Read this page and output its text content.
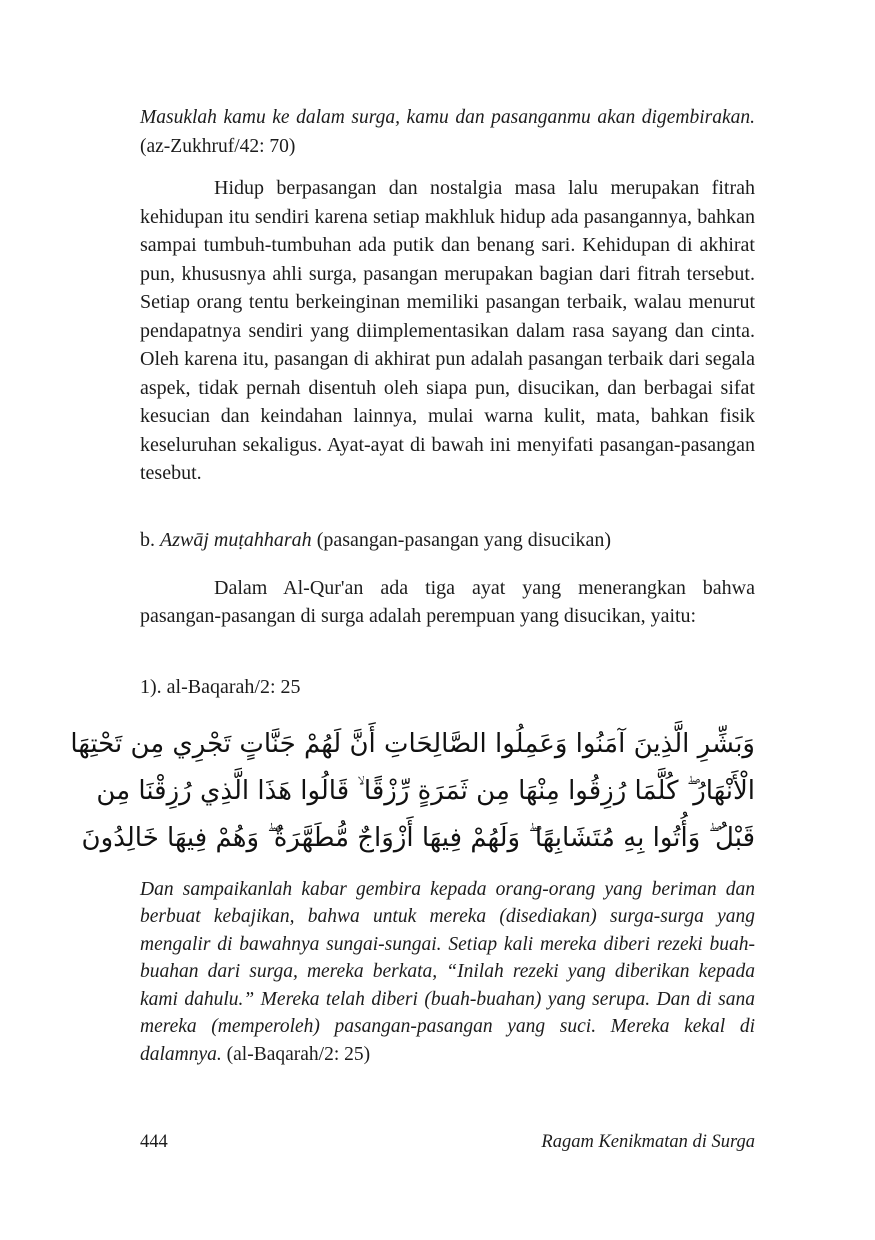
Masuklah kamu ke dalam surga, kamu dan pasanganmu akan digembirakan. (az-Zukhruf/42: 70)

Hidup berpasangan dan nostalgia masa lalu merupakan fitrah kehidupan itu sendiri karena setiap makhluk hidup ada pasangannya, bahkan sampai tumbuh-tumbuhan ada putik dan benang sari. Kehidupan di akhirat pun, khususnya ahli surga, pasangan merupakan bagian dari fitrah tersebut. Setiap orang tentu berkeinginan memiliki pasangan terbaik, walau menurut pendapatnya sendiri yang diimplementasikan dalam rasa sayang dan cinta. Oleh karena itu, pasangan di akhirat pun adalah pasangan terbaik dari segala aspek, tidak pernah disentuh oleh siapa pun, disucikan, dan berbagai sifat kesucian dan keindahan lainnya, mulai warna kulit, mata, bahkan fisik keseluruhan sekaligus. Ayat-ayat di bawah ini menyifati pasangan-pasangan tesebut.

b. Azwāj muṭahharah (pasangan-pasangan yang disucikan)

Dalam Al-Qur'an ada tiga ayat yang menerangkan bahwa pasangan-pasangan di surga adalah perempuan yang disucikan, yaitu:

1). al-Baqarah/2: 25

وَبَشِّرِ الَّذِينَ آمَنُوا وَعَمِلُوا الصَّالِحَاتِ أَنَّ لَهُمْ جَنَّاتٍ تَجْرِي مِن تَحْتِهَا
الْأَنْهَارُ ۖ كُلَّمَا رُزِقُوا مِنْهَا مِن ثَمَرَةٍ رِّزْقًا ۙ قَالُوا هَذَا الَّذِي رُزِقْنَا مِن
قَبْلُ ۖ وَأُتُوا بِهِ مُتَشَابِهًا ۖ وَلَهُمْ فِيهَا أَزْوَاجٌ مُّطَهَّرَةٌ ۖ وَهُمْ فِيهَا خَالِدُونَ

Dan sampaikanlah kabar gembira kepada orang-orang yang beriman dan berbuat kebajikan, bahwa untuk mereka (disediakan) surga-surga yang mengalir di bawahnya sungai-sungai. Setiap kali mereka diberi rezeki buah-buahan dari surga, mereka berkata, “Inilah rezeki yang diberikan kepada kami dahulu.” Mereka telah diberi (buah-buahan) yang serupa. Dan di sana mereka (memperoleh) pasangan-pasangan yang suci. Mereka kekal di dalamnya. (al-Baqarah/2: 25)

444	Ragam Kenikmatan di Surga
